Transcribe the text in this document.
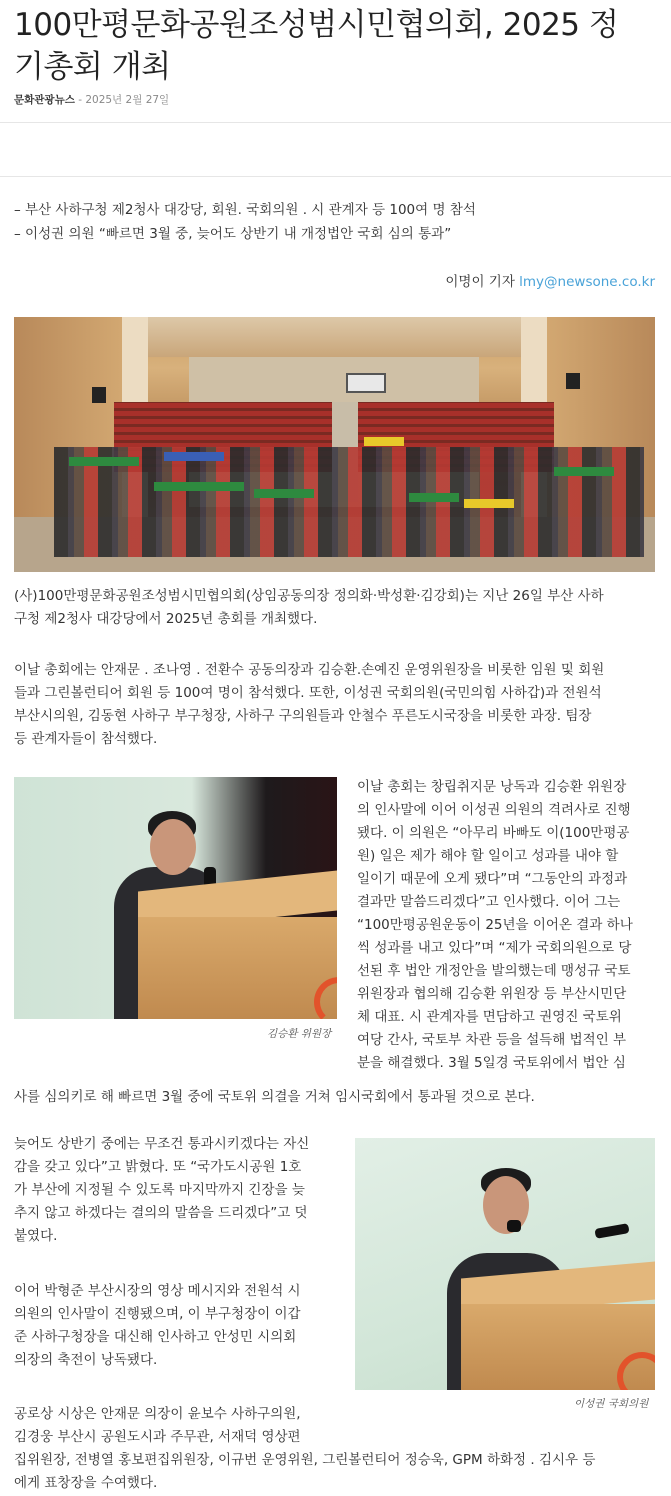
100만평문화공원조성범시민협의회, 2025 정
기총회 개최
문화관광뉴스 - 2025년 2월 27일
– 부산 사하구청 제2청사 대강당, 회원. 국회의원 . 시 관계자 등 100여 명 참석
– 이성권 의원 “빠르면 3월 중, 늦어도 상반기 내 개정법안 국회 심의 통과”
이명이 기자 lmy@newsone.co.kr
(사)100만평문화공원조성범시민협의회(상임공동의장 정의화·박성환·김강회)는 지난 26일 부산 사하
구청 제2청사 대강당에서 2025년 총회를 개최했다.
이날 총회에는 안재문 . 조나영 . 전환수 공동의장과 김승환.손예진 운영위원장을 비롯한 임원 및 회원
들과 그린볼런티어 회원 등 100여 명이 참석했다. 또한, 이성권 국회의원(국민의힘 사하갑)과 전원석
부산시의원, 김동현 사하구 부구청장, 사하구 구의원들과 안철수 푸른도시국장을 비롯한 과장. 팀장
등 관계자들이 참석했다.
김승환 위원장
이날 총회는 창립취지문 낭독과 김승환 위원장
의 인사말에 이어 이성권 의원의 격려사로 진행
됐다. 이 의원은 “아무리 바빠도 이(100만평공
원) 일은 제가 해야 할 일이고 성과를 내야 할
일이기 때문에 오게 됐다”며 “그동안의 과정과
결과만 말씀드리겠다”고 인사했다. 이어 그는
“100만평공원운동이 25년을 이어온 결과 하나
씩 성과를 내고 있다”며 “제가 국회의원으로 당
선된 후 법안 개정안을 발의했는데 맹성규 국토
위원장과 협의해 김승환 위원장 등 부산시민단
체 대표. 시 관계자를 면담하고 권영진 국토위
여당 간사, 국토부 차관 등을 설득해 법적인 부
분을 해결했다. 3월 5일경 국토위에서 법안 심
사를 심의키로 해 빠르면 3월 중에 국토위 의결을 거쳐 임시국회에서 통과될 것으로 본다.
늦어도 상반기 중에는 무조건 통과시키겠다는 자신
감을 갖고 있다”고 밝혔다. 또 “국가도시공원 1호
가 부산에 지정될 수 있도록 마지막까지 긴장을 늦
추지 않고 하겠다는 결의의 말씀을 드리겠다”고 덧
붙였다.
이성권 국회의원
이어 박형준 부산시장의 영상 메시지와 전원석 시
의원의 인사말이 진행됐으며, 이 부구청장이 이갑
준 사하구청장을 대신해 인사하고 안성민 시의회
의장의 축전이 낭독됐다.
공로상 시상은 안재문 의장이 윤보수 사하구의원,
김경웅 부산시 공원도시과 주무관, 서재덕 영상편
집위원장, 전병열 홍보편집위원장, 이규번 운영위원, 그린볼런티어 정승욱, GPM 하화정 . 김시우 등
에게 표창장을 수여했다.
